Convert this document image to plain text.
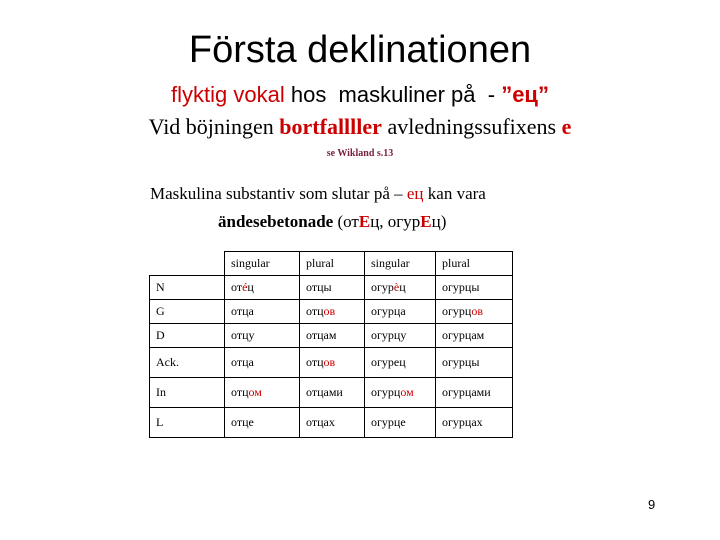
Första deklinationen
flyktig vokal hos  maskuliner på  - ”ец”
Vid böjningen bortfallller avledningssufixens e
se Wikland s.13
Maskulina substantiv som slutar på – ец kan vara
ändesebetonade (отЕц, огурЕц)
	singular	plural	singular	plural
N	отéц	отцы	огурèц	огурцы
G	отца	отцов	огурца	огурцов
D	отцу	отцам	огурцу	огурцам
Ack.	отца	отцов	огурец	огурцы
In	отцом	отцами	огурцом	огурцами
L	отце	отцах	огурце	огурцах
9
